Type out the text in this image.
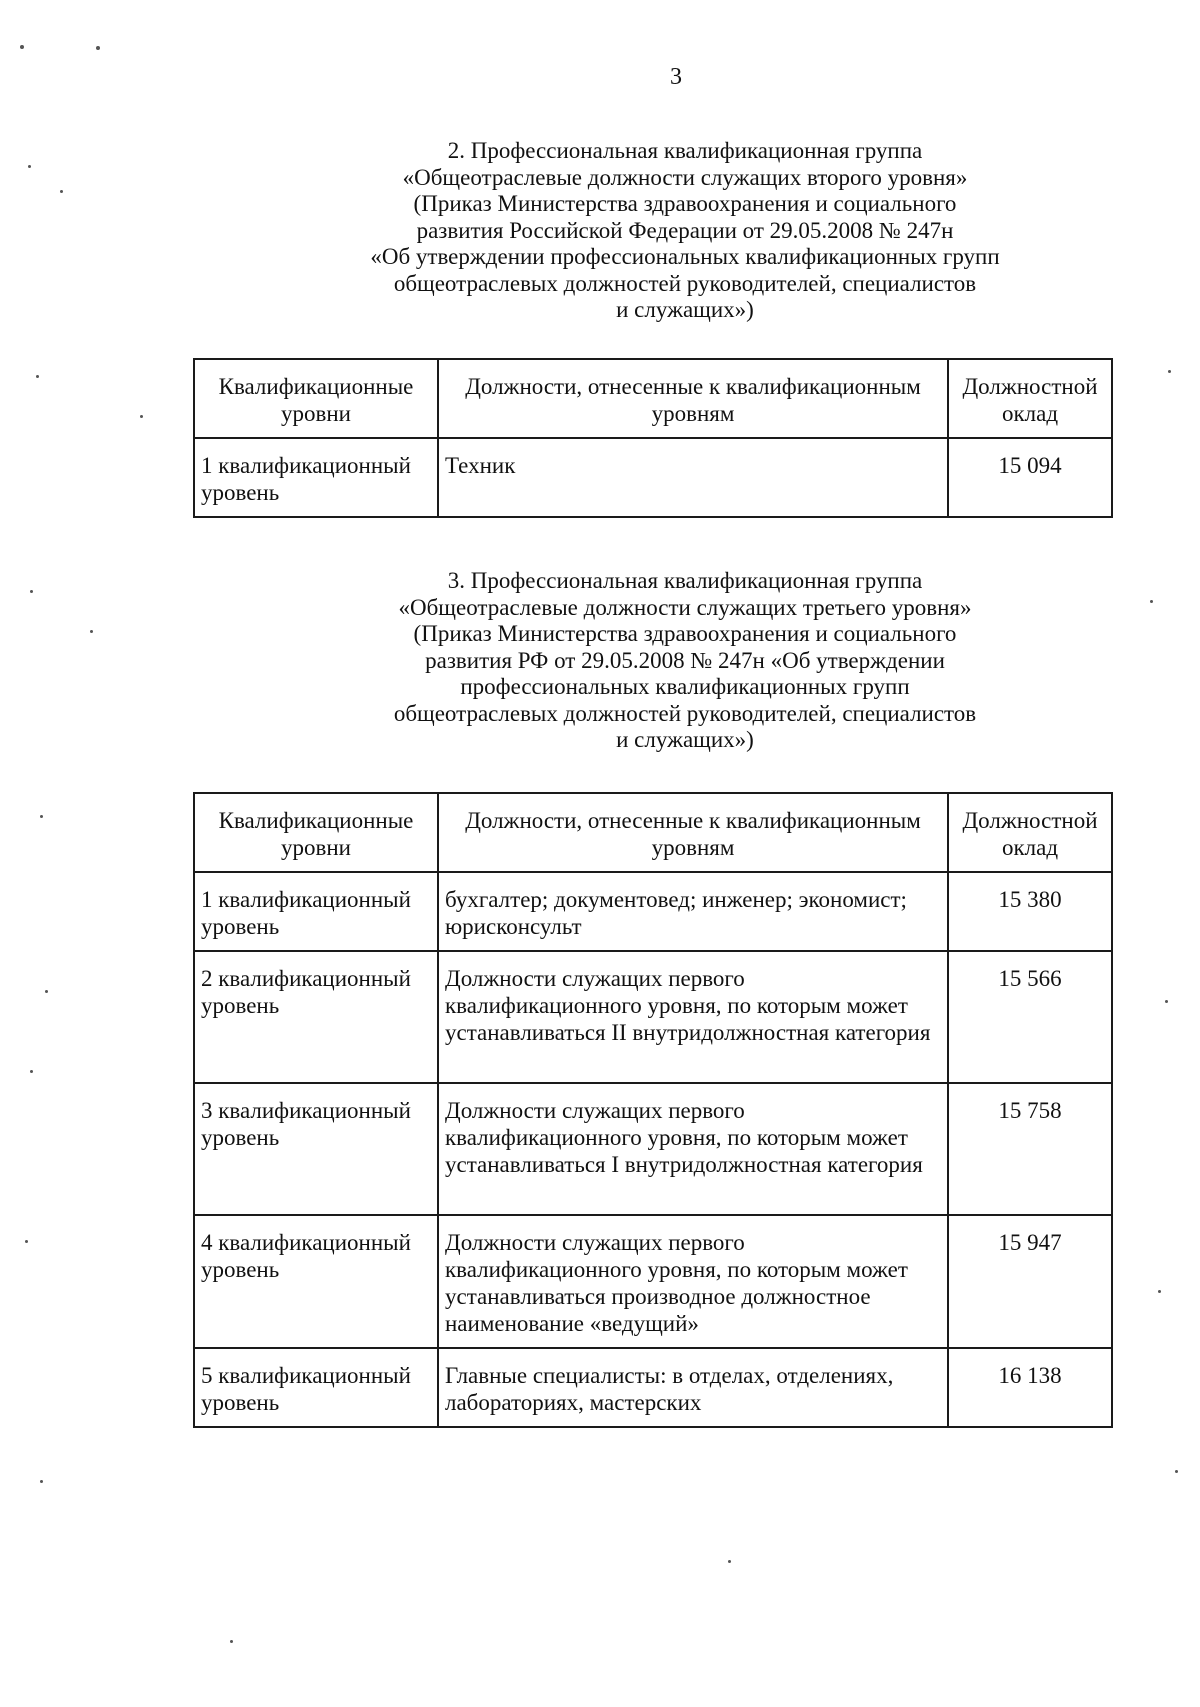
3
2. Профессиональная квалификационная группа
«Общеотраслевые должности служащих второго уровня»
(Приказ Министерства здравоохранения и социального
развития Российской Федерации от 29.05.2008 № 247н
«Об утверждении профессиональных квалификационных групп
общеотраслевых должностей руководителей, специалистов
и служащих»)
Квалификационные уровни	Должности, отнесенные к квалификационным уровням	Должностной оклад
1 квалификационный уровень	Техник	15 094
3. Профессиональная квалификационная группа
«Общеотраслевые должности служащих третьего уровня»
(Приказ Министерства здравоохранения и социального
развития РФ от 29.05.2008 № 247н «Об утверждении
профессиональных квалификационных групп
общеотраслевых должностей руководителей, специалистов
и служащих»)
Квалификационные уровни	Должности, отнесенные к квалификационным уровням	Должностной оклад
1 квалификационный уровень	бухгалтер; документовед; инженер; экономист; юрисконсульт	15 380
2 квалификационный уровень	Должности служащих первого квалификационного уровня, по которым может устанавливаться II внутридолжностная категория	15 566
3 квалификационный уровень	Должности служащих первого квалификационного уровня, по которым может устанавливаться I внутридолжностная категория	15 758
4 квалификационный уровень	Должности служащих первого квалификационного уровня, по которым может устанавливаться производное должностное наименование «ведущий»	15 947
5 квалификационный уровень	Главные специалисты: в отделах, отделениях, лабораториях, мастерских	16 138
